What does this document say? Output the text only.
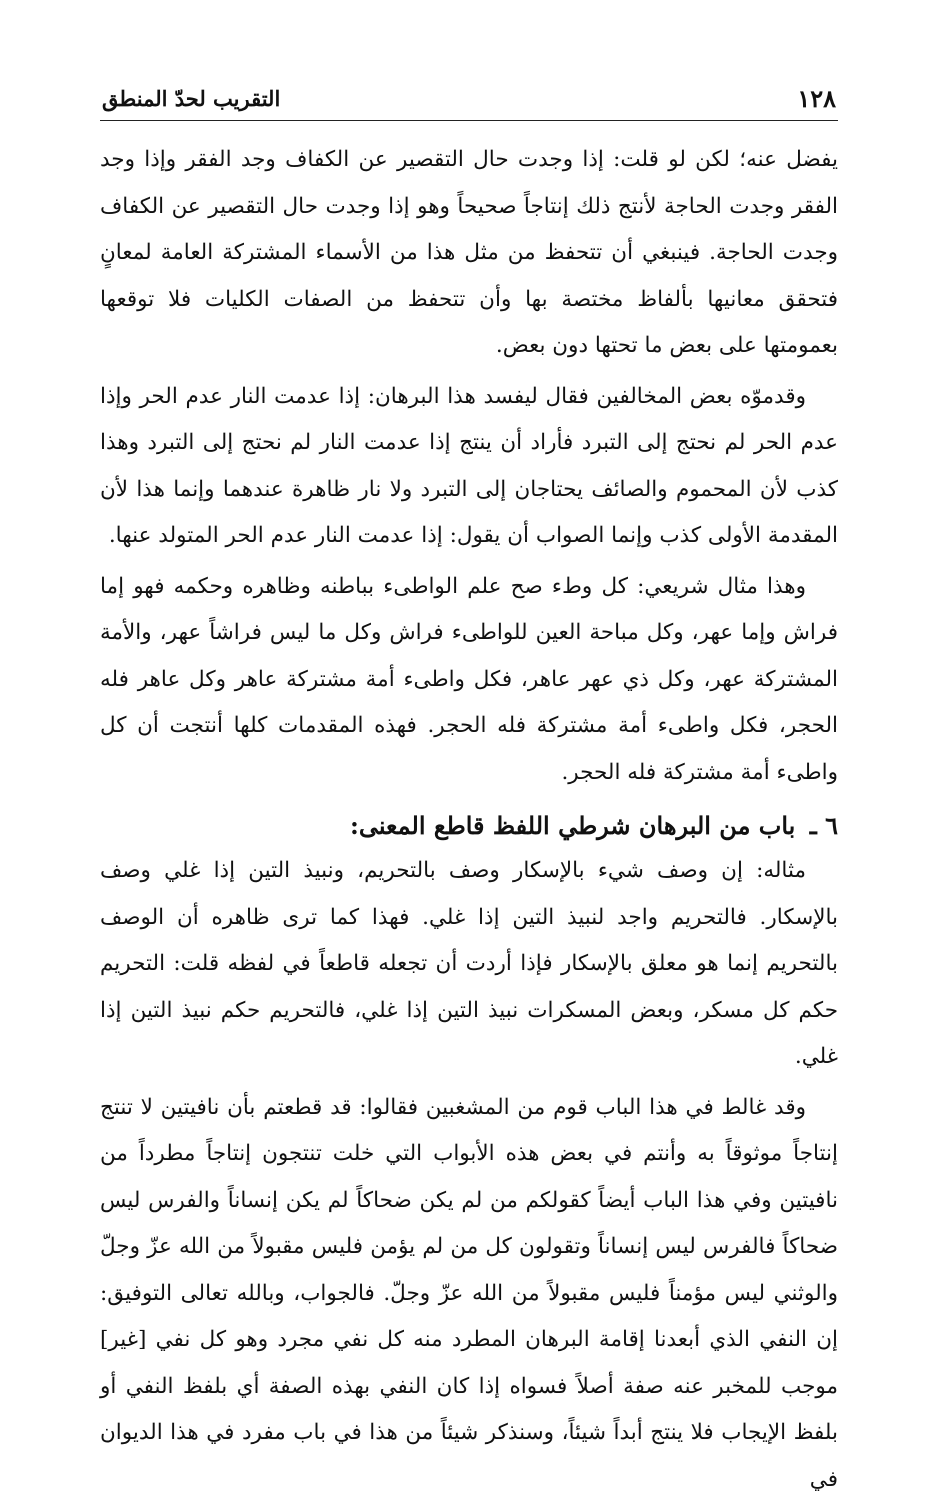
١٢٨
التقريب لحدّ المنطق

يفضل عنه؛ لكن لو قلت: إذا وجدت حال التقصير عن الكفاف وجد الفقر وإذا وجد الفقر وجدت الحاجة لأنتج ذلك إنتاجاً صحيحاً وهو إذا وجدت حال التقصير عن الكفاف وجدت الحاجة. فينبغي أن تتحفظ من مثل هذا من الأسماء المشتركة العامة لمعانٍ فتحقق معانيها بألفاظ مختصة بها وأن تتحفظ من الصفات الكليات فلا توقعها بعمومتها على بعض ما تحتها دون بعض.

وقدموّه بعض المخالفين فقال ليفسد هذا البرهان: إذا عدمت النار عدم الحر وإذا عدم الحر لم نحتج إلى التبرد فأراد أن ينتج إذا عدمت النار لم نحتج إلى التبرد وهذا كذب لأن المحموم والصائف يحتاجان إلى التبرد ولا نار ظاهرة عندهما وإنما هذا لأن المقدمة الأولى كذب وإنما الصواب أن يقول: إذا عدمت النار عدم الحر المتولد عنها.

وهذا مثال شريعي: كل وطء صح علم الواطىء بباطنه وظاهره وحكمه فهو إما فراش وإما عهر، وكل مباحة العين للواطىء فراش وكل ما ليس فراشاً عهر، والأمة المشتركة عهر، وكل ذي عهر عاهر، فكل واطىء أمة مشتركة عاهر وكل عاهر فله الحجر، فكل واطىء أمة مشتركة فله الحجر. فهذه المقدمات كلها أنتجت أن كل واطىء أمة مشتركة فله الحجر.

٦ ـ باب من البرهان شرطي اللفظ قاطع المعنى:

مثاله: إن وصف شيء بالإسكار وصف بالتحريم، ونبيذ التين إذا غلي وصف بالإسكار. فالتحريم واجد لنبيذ التين إذا غلي. فهذا كما ترى ظاهره أن الوصف بالتحريم إنما هو معلق بالإسكار فإذا أردت أن تجعله قاطعاً في لفظه قلت: التحريم حكم كل مسكر، وبعض المسكرات نبيذ التين إذا غلي، فالتحريم حكم نبيذ التين إذا غلي.

وقد غالط في هذا الباب قوم من المشغبين فقالوا: قد قطعتم بأن نافيتين لا تنتج إنتاجاً موثوقاً به وأنتم في بعض هذه الأبواب التي خلت تنتجون إنتاجاً مطرداً من نافيتين وفي هذا الباب أيضاً كقولكم من لم يكن ضحاكاً لم يكن إنساناً والفرس ليس ضحاكاً فالفرس ليس إنساناً وتقولون كل من لم يؤمن فليس مقبولاً من الله عزّ وجلّ والوثني ليس مؤمناً فليس مقبولاً من الله عزّ وجلّ. فالجواب، وبالله تعالى التوفيق: إن النفي الذي أبعدنا إقامة البرهان المطرد منه كل نفي مجرد وهو كل نفي [غير] موجب للمخبر عنه صفة أصلاً فسواه إذا كان النفي بهذه الصفة أي بلفظ النفي أو بلفظ الإيجاب فلا ينتج أبداً شيئاً، وسنذكر شيئاً من هذا في باب مفرد في هذا الديوان في
